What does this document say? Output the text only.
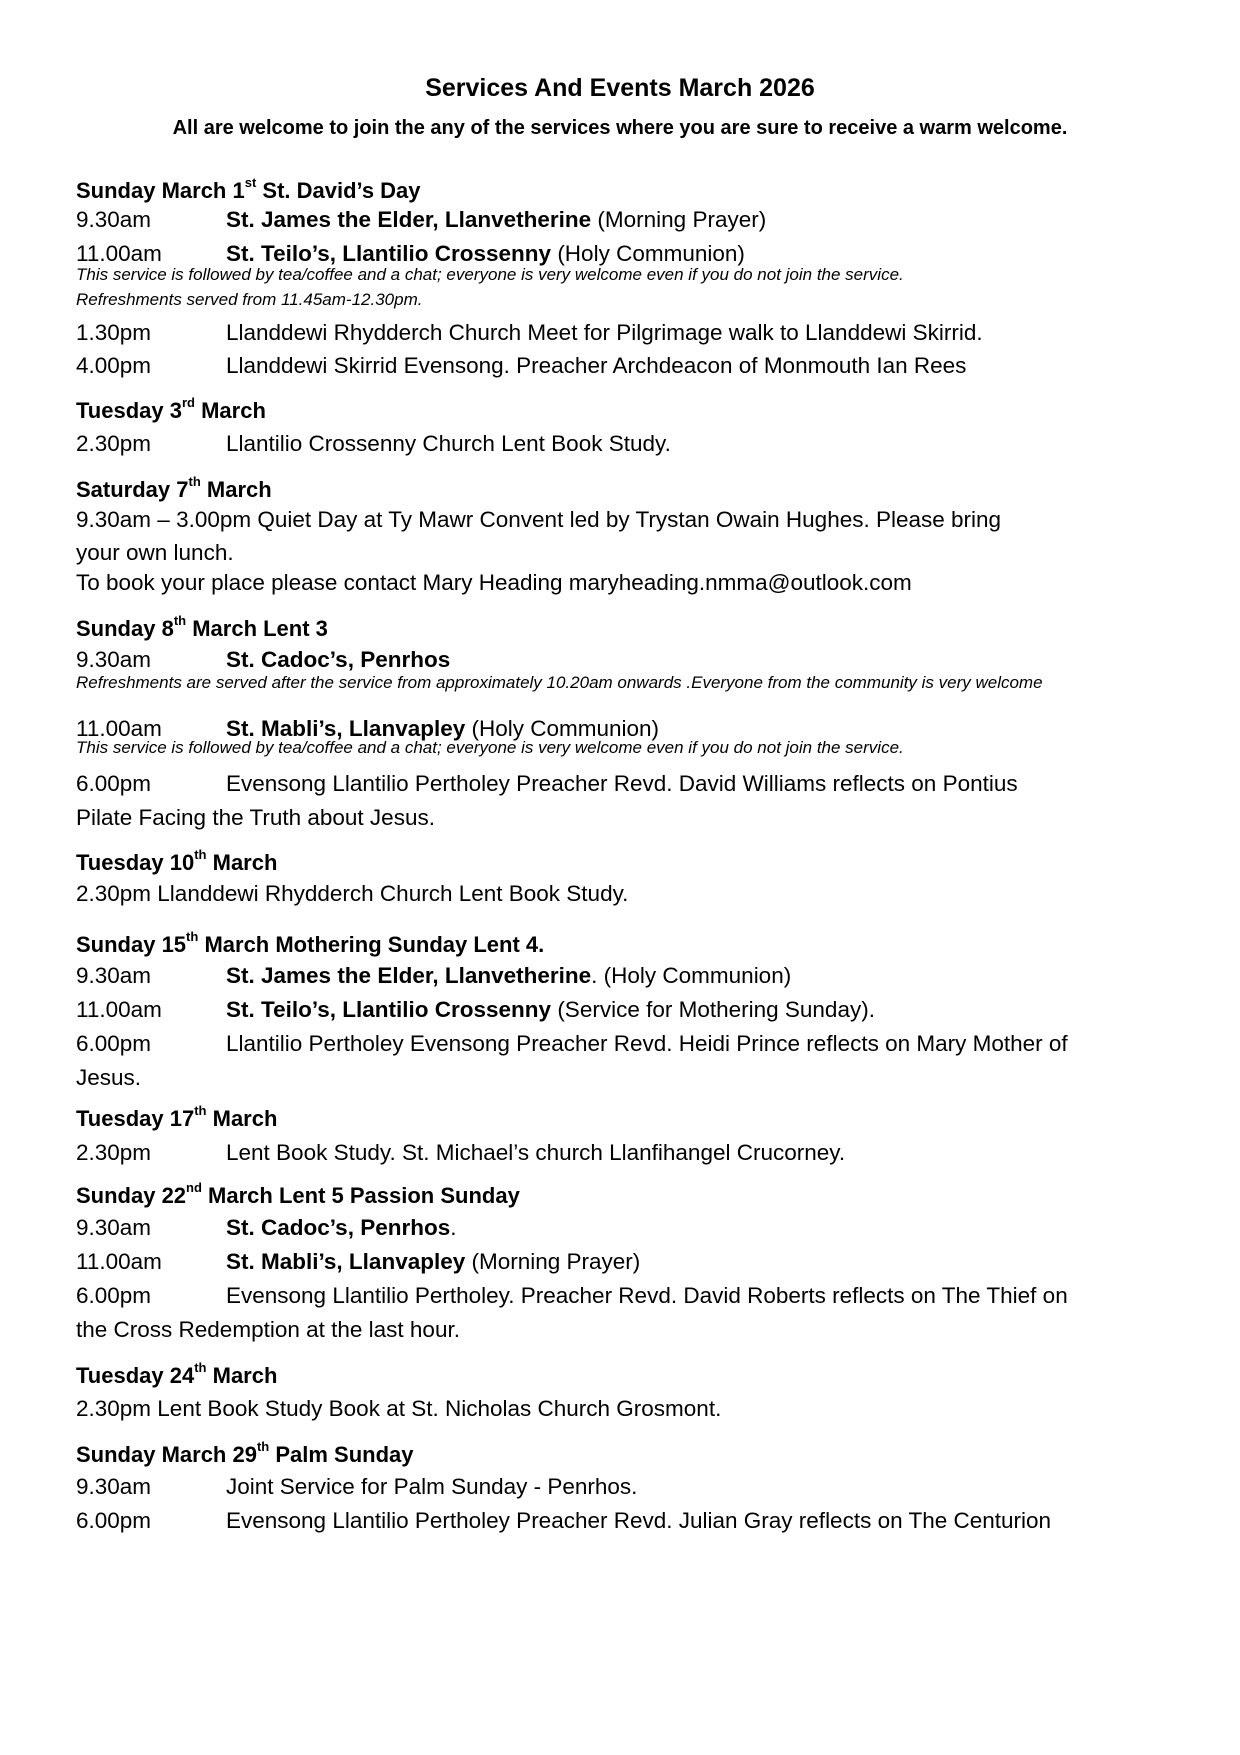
Services And Events March 2026
All are welcome to join the any of the services where you are sure to receive a warm welcome.
Sunday March 1st St. David’s Day
9.30am	St. James the Elder, Llanvetherine (Morning Prayer)
11.00am	St. Teilo’s, Llantilio Crossenny (Holy Communion)
This service is followed by tea/coffee and a chat; everyone is very welcome even if you do not join the service.
Refreshments served from 11.45am-12.30pm.
1.30pm	Llanddewi Rhydderch Church Meet for Pilgrimage walk to Llanddewi Skirrid.
4.00pm	Llanddewi Skirrid Evensong. Preacher Archdeacon of Monmouth Ian Rees
Tuesday 3rd March
2.30pm	Llantilio Crossenny Church Lent Book Study.
Saturday 7th March
9.30am – 3.00pm Quiet Day at Ty Mawr Convent led by Trystan Owain Hughes. Please bring
your own lunch.
To book your place please contact Mary Heading maryheading.nmma@outlook.com
Sunday 8th March Lent 3
9.30am	St. Cadoc’s, Penrhos
Refreshments are served after the service from approximately 10.20am onwards .Everyone from the community is very welcome
11.00am	St. Mabli’s, Llanvapley (Holy Communion)
This service is followed by tea/coffee and a chat; everyone is very welcome even if you do not join the service.
6.00pm	Evensong Llantilio Pertholey Preacher Revd. David Williams reflects on Pontius
Pilate Facing the Truth about Jesus.
Tuesday 10th March
2.30pm Llanddewi Rhydderch Church Lent Book Study.
Sunday 15th March Mothering Sunday Lent 4.
9.30am	St. James the Elder, Llanvetherine. (Holy Communion)
11.00am	St. Teilo’s, Llantilio Crossenny (Service for Mothering Sunday).
6.00pm	Llantilio Pertholey Evensong Preacher Revd. Heidi Prince reflects on Mary Mother of
Jesus.
Tuesday 17th March
2.30pm	Lent Book Study. St. Michael’s church Llanfihangel Crucorney.
Sunday 22nd March Lent 5 Passion Sunday
9.30am	St. Cadoc’s, Penrhos.
11.00am	St. Mabli’s, Llanvapley (Morning Prayer)
6.00pm	Evensong Llantilio Pertholey. Preacher Revd. David Roberts reflects on The Thief on
the Cross Redemption at the last hour.
Tuesday 24th March
2.30pm Lent Book Study Book at St. Nicholas Church Grosmont.
Sunday March 29th Palm Sunday
9.30am	Joint Service for Palm Sunday - Penrhos.
6.00pm	Evensong Llantilio Pertholey Preacher Revd. Julian Gray reflects on The Centurion
